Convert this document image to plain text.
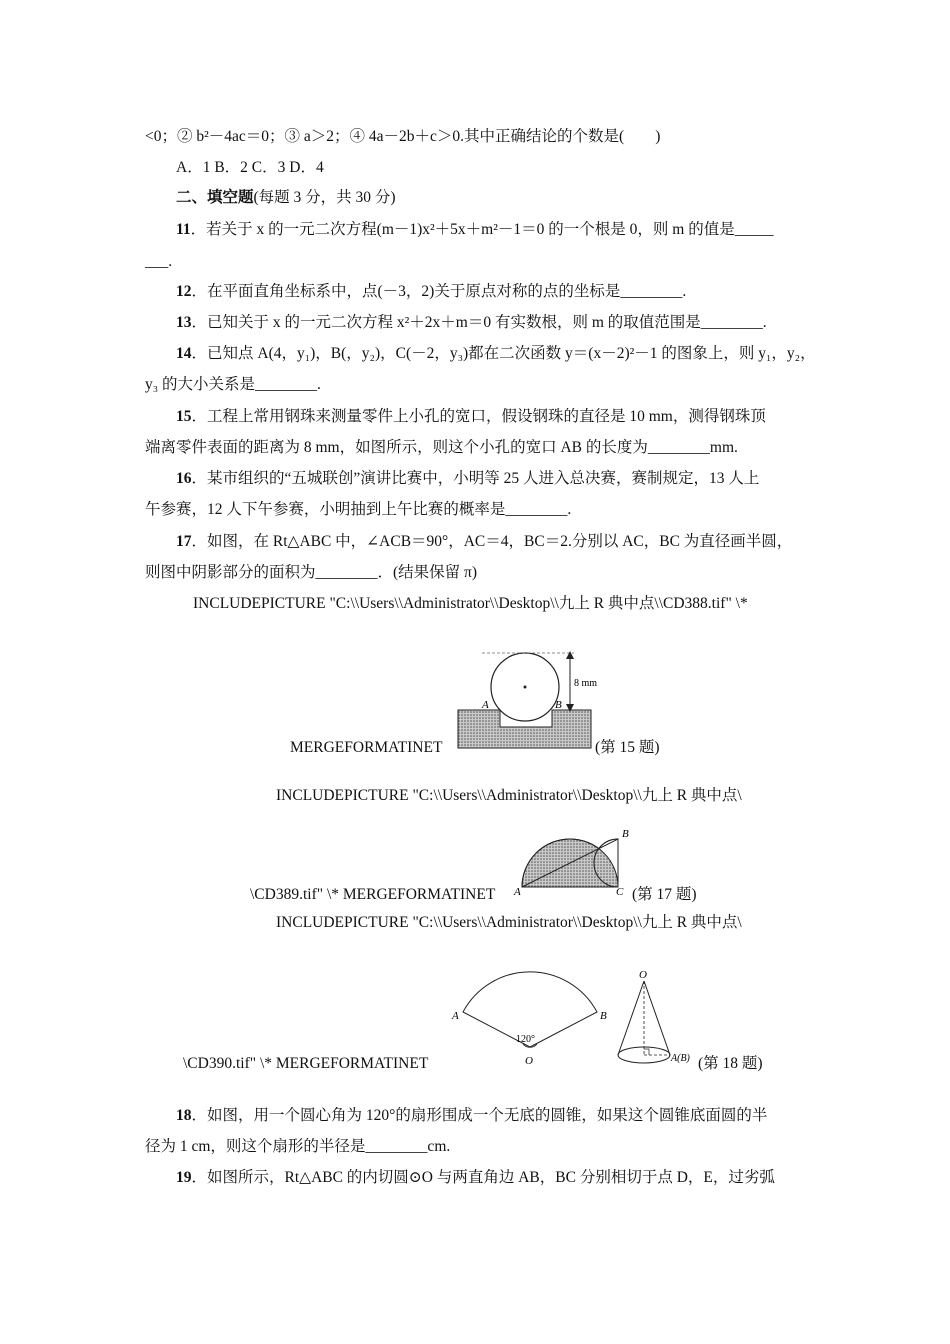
<0；② b²－4ac＝0；③ a＞2；④ 4a－2b＋c＞0.其中正确结论的个数是(　　)
A．1 B．2 C．3 D．4
二、填空题(每题 3 分，共 30 分)
11．若关于 x 的一元二次方程(m－1)x²＋5x＋m²－1＝0 的一个根是 0，则 m 的值是_____
___.
12．在平面直角坐标系中，点(－3，2)关于原点对称的点的坐标是________.
13．已知关于 x 的一元二次方程 x²＋2x＋m＝0 有实数根，则 m 的取值范围是________.
14．已知点 A(4，y₁)，B(，y₂)，C(－2，y₃)都在二次函数 y＝(x－2)²－1 的图象上，则 y₁，y₂，
y₃ 的大小关系是________.
15．工程上常用钢珠来测量零件上小孔的宽口，假设钢珠的直径是 10 mm，测得钢珠顶
端离零件表面的距离为 8 mm，如图所示，则这个小孔的宽口 AB 的长度为________mm.
16．某市组织的“五城联创”演讲比赛中，小明等 25 人进入总决赛，赛制规定，13 人上
午参赛，12 人下午参赛，小明抽到上午比赛的概率是________.
17．如图，在 Rt△ABC 中，∠ACB＝90°，AC＝4，BC＝2.分别以 AC，BC 为直径画半圆，
则图中阴影部分的面积为________．(结果保留 π)
INCLUDEPICTURE "C:\\Users\\Administrator\\Desktop\\九上 R 典中点\\CD388.tif" \*
A	B
8 mm
MERGEFORMATINET	(第 15 题)
INCLUDEPICTURE "C:\\Users\\Administrator\\Desktop\\九上 R 典中点\
A
B
C
\CD389.tif" \* MERGEFORMATINET	(第 17 题)
INCLUDEPICTURE "C:\\Users\\Administrator\\Desktop\\九上 R 典中点\
A	B
120°
O
O
A(B)
\CD390.tif" \* MERGEFORMATINET	(第 18 题)
18．如图，用一个圆心角为 120°的扇形围成一个无底的圆锥，如果这个圆锥底面圆的半
径为 1 cm，则这个扇形的半径是________cm.
19．如图所示，Rt△ABC 的内切圆⊙O 与两直角边 AB，BC 分别相切于点 D，E，过劣弧
